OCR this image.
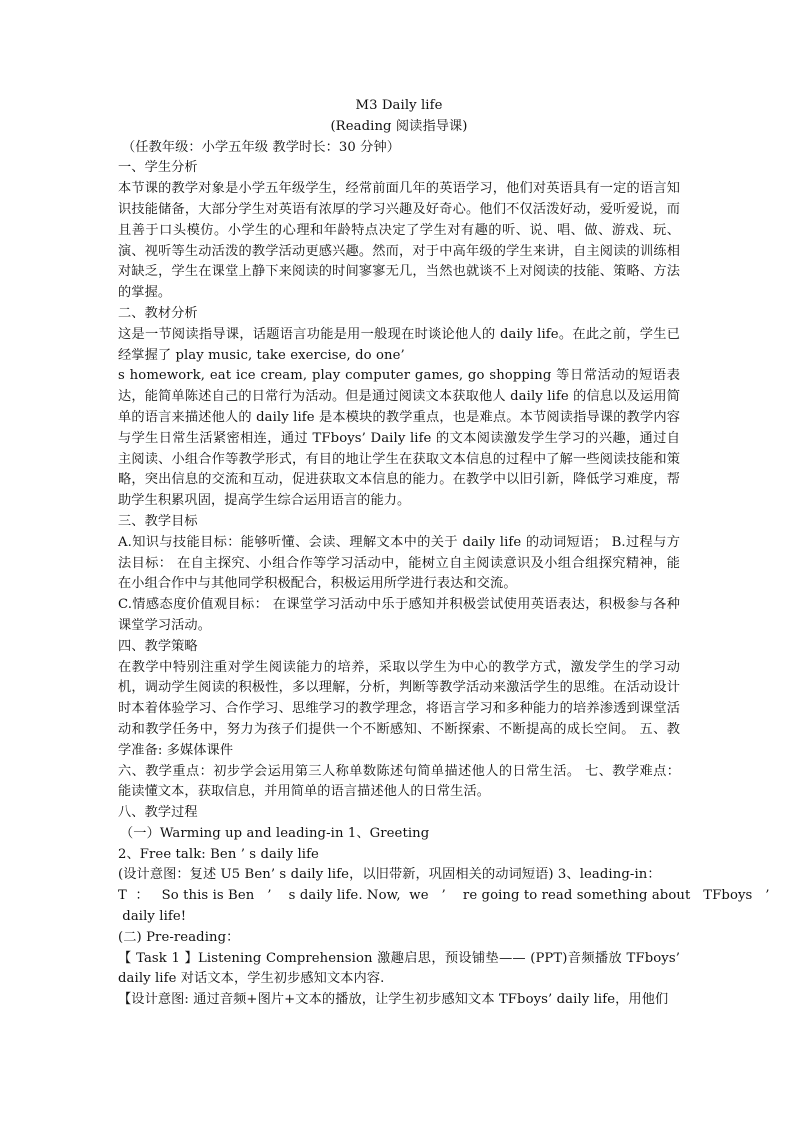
M3 Daily life
(Reading 阅读指导课)
（任教年级：小学五年级 教学时长：30 分钟）
一、学生分析

本节课的教学对象是小学五年级学生，经常前面几年的英语学习，他们对英语具有一定的语言知识技能储备，大部分学生对英语有浓厚的学习兴趣及好奇心。他们不仅活泼好动，爱听爱说，而且善于口头模仿。小学生的心理和年龄特点决定了学生对有趣的听、说、唱、做、游戏、玩、演、视听等生动活泼的教学活动更感兴趣。然而，对于中高年级的学生来讲，自主阅读的训练相对缺乏，学生在课堂上静下来阅读的时间寥寥无几，当然也就谈不上对阅读的技能、策略、方法的掌握。

二、教材分析

这是一节阅读指导课，话题语言功能是用一般现在时谈论他人的 daily life。在此之前，学生已经掌握了 play music, take exercise, do one’

s homework, eat ice cream, play computer games, go shopping 等日常活动的短语表达，能简单陈述自己的日常行为活动。但是通过阅读文本获取他人 daily life 的信息以及运用简单的语言来描述他人的 daily life 是本模块的教学重点，也是难点。本节阅读指导课的教学内容与学生日常生活紧密相连，通过 TFboys’ Daily life 的文本阅读激发学生学习的兴趣，通过自主阅读、小组合作等教学形式，有目的地让学生在获取文本信息的过程中了解一些阅读技能和策略，突出信息的交流和互动，促进获取文本信息的能力。在教学中以旧引新，降低学习难度，帮助学生积累巩固，提高学生综合运用语言的能力。

三、教学目标

A.知识与技能目标：能够听懂、会读、理解文本中的关于 daily life 的动词短语； B.过程与方法目标： 在自主探究、小组合作等学习活动中，能树立自主阅读意识及小组合组探究精神，能在小组合作中与其他同学积极配合，积极运用所学进行表达和交流。

C.情感态度价值观目标： 在课堂学习活动中乐于感知并积极尝试使用英语表达，积极参与各种课堂学习活动。

四、教学策略

在教学中特别注重对学生阅读能力的培养，采取以学生为中心的教学方式，激发学生的学习动机，调动学生阅读的积极性，多以理解，分析，判断等教学活动来激活学生的思维。在活动设计时本着体验学习、合作学习、思维学习的教学理念，将语言学习和多种能力的培养渗透到课堂活动和教学任务中，努力为孩子们提供一个不断感知、不断探索、不断提高的成长空间。 五、教学准备: 多媒体课件

六、教学重点：初步学会运用第三人称单数陈述句简单描述他人的日常生活。 七、教学难点：能读懂文本，获取信息，并用简单的语言描述他人的日常生活。

八、教学过程
（一）Warming up and leading-in 1、Greeting
2、Free talk: Ben ’ s daily life
(设计意图：复述 U5 Ben’ s daily life，以旧带新，巩固相关的动词短语) 3、leading-in：
T  ：   So this is Ben   ’    s daily life. Now,  we   ’    re going to read something about   TFboys   ’
daily life!
(二) Pre-reading：

【 Task 1 】Listening Comprehension 激趣启思，预设铺垫—— (PPT)音频播放 TFboys’ daily life 对话文本，学生初步感知文本内容.

【设计意图: 通过音频+图片+文本的播放，让学生初步感知文本 TFboys’ daily life，用他们
